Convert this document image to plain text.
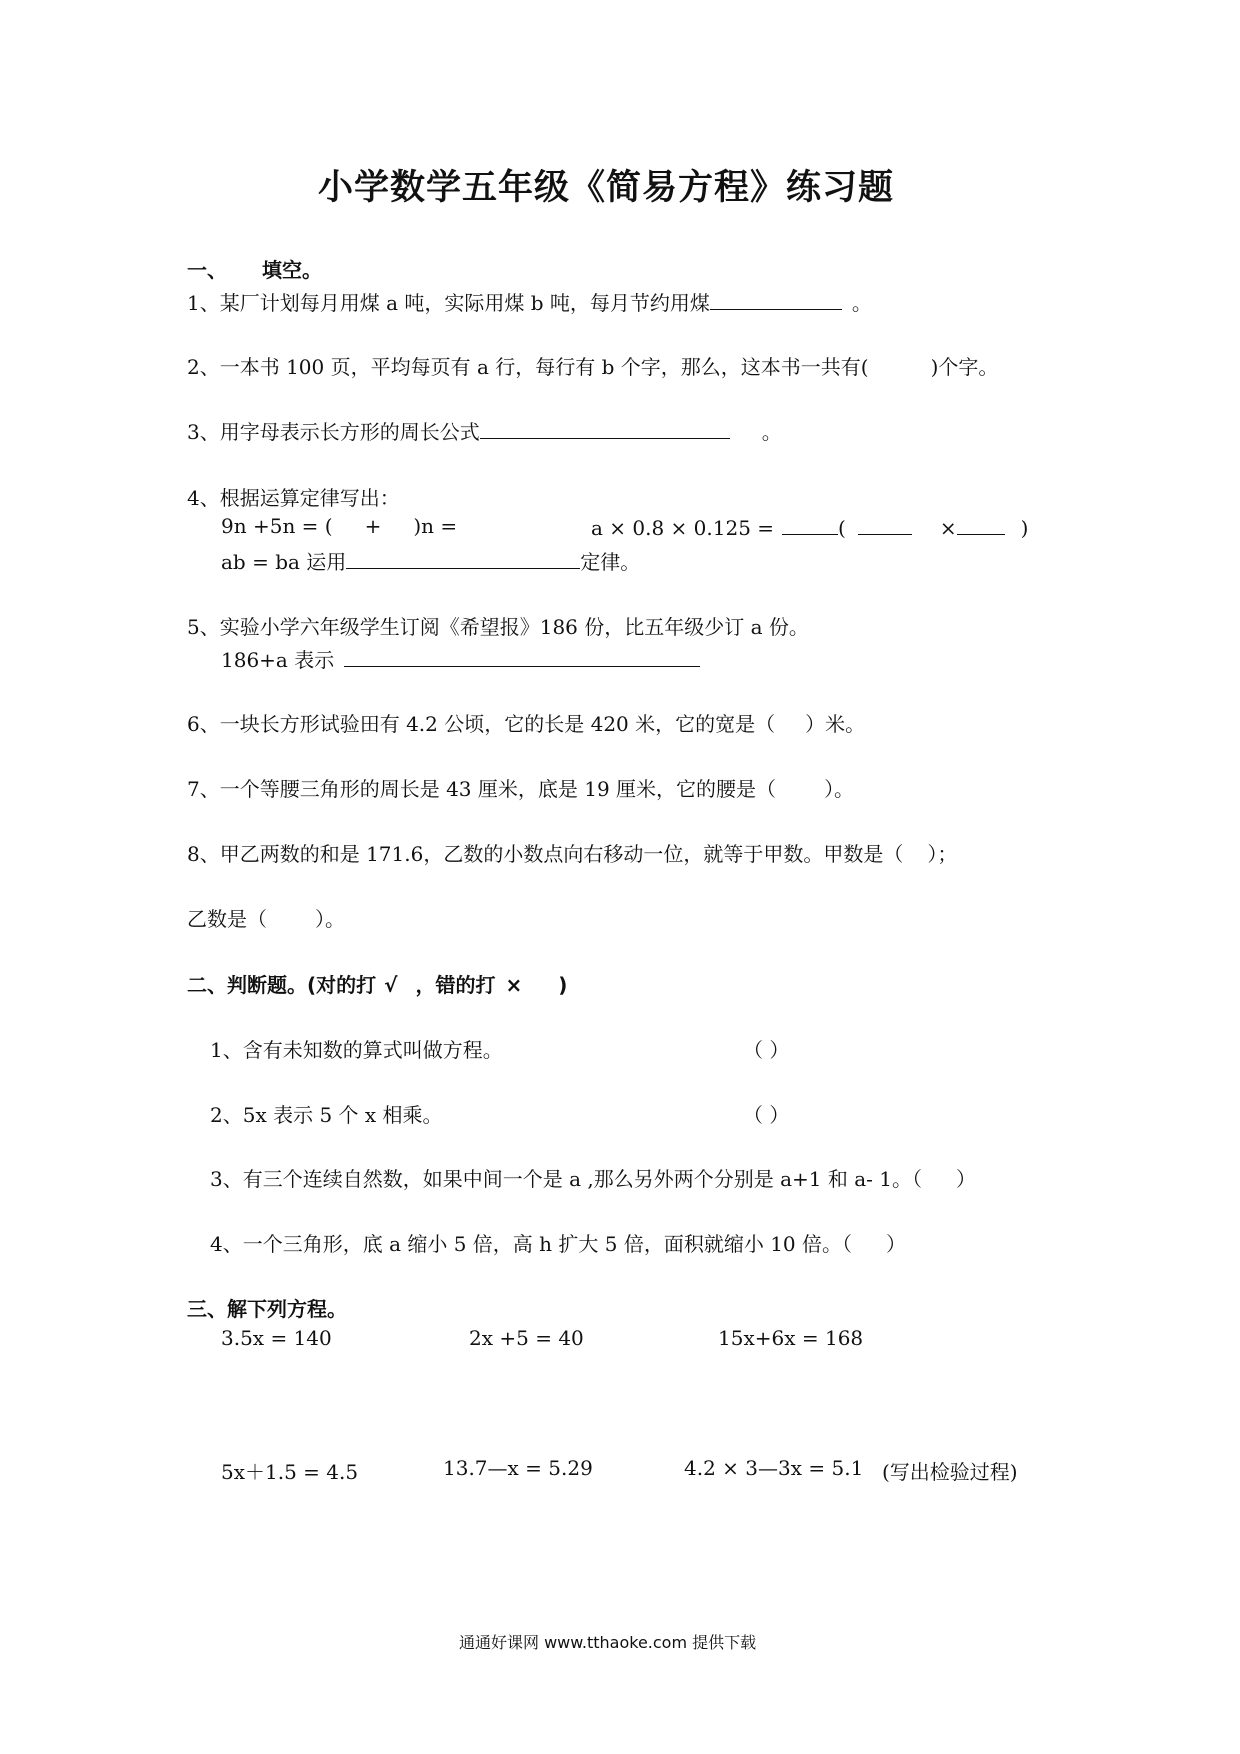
小学数学五年级《简易方程》练习题
一、 填空。
1、某厂计划每月用煤 a 吨，实际用煤 b 吨，每月节约用煤	。
2、一本书 100 页，平均每页有 a 行，每行有 b 个字，那么，这本书一共有(	)个字。
3、用字母表示长方形的周长公式	。
4、根据运算定律写出：
9n +5n = ( + )n =	a × 0.8 × 0.125 =	(	×	)
ab = ba 运用	定律。
5、实验小学六年级学生订阅《希望报》186 份，比五年级少订 a 份。
186+a 表示
6、一块长方形试验田有 4.2 公顷，它的长是 420 米，它的宽是（ ）米。
7、一个等腰三角形的周长是 43 厘米，底是 19 厘米，它的腰是（ ）。
8、甲乙两数的和是 171.6，乙数的小数点向右移动一位，就等于甲数。甲数是（ ）；
乙数是（ ）。
二、判断题。(对的打 √ ，错的打 × )
1、含有未知数的算式叫做方程。	（ ）
2、5x 表示 5 个 x 相乘。	（ ）
3、有三个连续自然数，如果中间一个是 a ,那么另外两个分别是 a+1 和 a- 1。（ ）
4、一个三角形，底 a 缩小 5 倍，高 h 扩大 5 倍，面积就缩小 10 倍。（ ）
三、解下列方程。
3.5x = 140	2x +5 = 40	15x+6x = 168
5x＋1.5 = 4.5	13.7—x = 5.29	4.2 × 3—3x = 5.1 (写出检验过程)
通通好课网 www.tthaoke.com 提供下载
